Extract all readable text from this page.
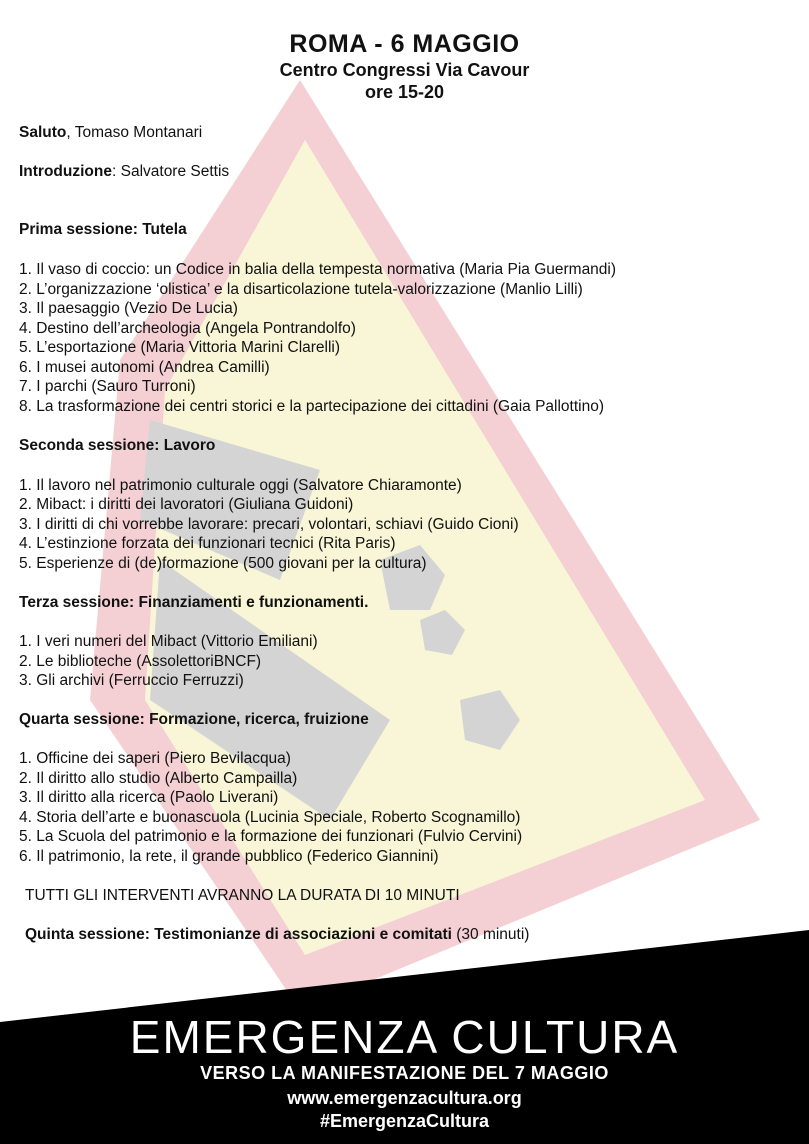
ROMA - 6 MAGGIO
Centro Congressi Via Cavour
ore 15-20
Saluto, Tomaso Montanari
Introduzione: Salvatore Settis
Prima sessione: Tutela
1. Il vaso di coccio: un Codice in balia della tempesta normativa (Maria Pia Guermandi)
2. L’organizzazione ‘olistica’ e la disarticolazione tutela-valorizzazione (Manlio Lilli)
3. Il paesaggio (Vezio De Lucia)
4. Destino dell’archeologia (Angela Pontrandolfo)
5. L’esportazione (Maria Vittoria Marini Clarelli)
6. I musei autonomi (Andrea Camilli)
7. I parchi (Sauro Turroni)
8. La trasformazione dei centri storici e la partecipazione dei cittadini (Gaia Pallottino)
Seconda sessione: Lavoro
1. Il lavoro nel patrimonio culturale oggi (Salvatore Chiaramonte)
2. Mibact: i diritti dei lavoratori (Giuliana Guidoni)
3. I diritti di chi vorrebbe lavorare: precari, volontari, schiavi (Guido Cioni)
4. L’estinzione forzata dei funzionari tecnici (Rita Paris)
5. Esperienze di (de)formazione (500 giovani per la cultura)
Terza sessione: Finanziamenti e funzionamenti.
1. I veri numeri del Mibact (Vittorio Emiliani)
2. Le biblioteche (AssolettoriBNCF)
3. Gli archivi (Ferruccio Ferruzzi)
Quarta sessione: Formazione, ricerca, fruizione
1. Officine dei saperi (Piero Bevilacqua)
2. Il diritto allo studio (Alberto Campailla)
3. Il diritto alla ricerca (Paolo Liverani)
4. Storia dell’arte e buonascuola (Lucinia Speciale, Roberto Scognamillo)
5. La Scuola del patrimonio e la formazione dei funzionari (Fulvio Cervini)
6. Il patrimonio, la rete, il grande pubblico (Federico Giannini)
TUTTI GLI INTERVENTI AVRANNO LA DURATA DI 10 MINUTI
Quinta sessione: Testimonianze di associazioni e comitati (30 minuti)
EMERGENZA CULTURA
VERSO LA MANIFESTAZIONE DEL 7 MAGGIO
www.emergenzacultura.org
#EmergenzaCultura
